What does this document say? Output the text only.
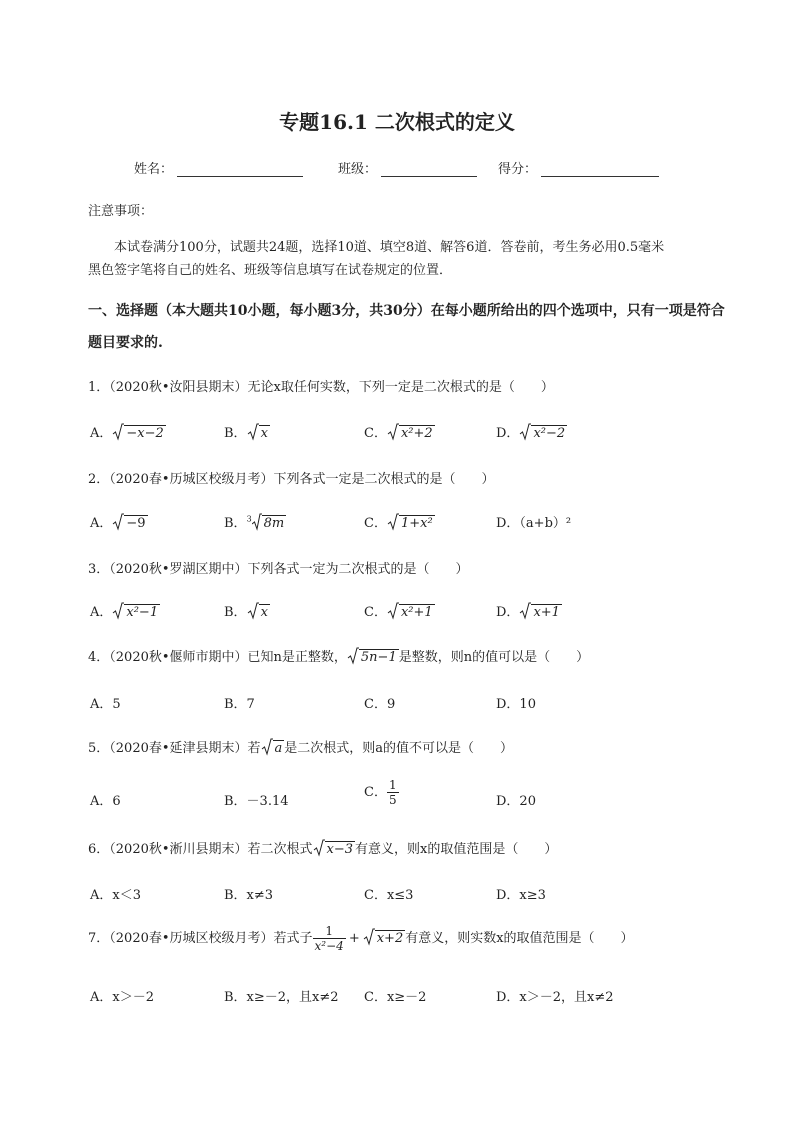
专题16.1 二次根式的定义
姓名：	班级：	得分：
注意事项：
本试卷满分100分，试题共24题，选择10道、填空8道、解答6道．答卷前，考生务必用0.5毫米
黑色签字笔将自己的姓名、班级等信息填写在试卷规定的位置．
一、选择题（本大题共10小题，每小题3分，共30分）在每小题所给出的四个选项中，只有一项是符合
题目要求的.
1．（2020秋•汝阳县期末）无论x取任何实数，下列一定是二次根式的是（　　）
A． −x−2	B． x	C． x²+2	D． x²−2
2．（2020春•历城区校级月考）下列各式一定是二次根式的是（　　）
A． −9	B．$^3$ 8m	C． 1+x²	D．（a+b）²
3．（2020秋•罗湖区期中）下列各式一定为二次根式的是（　　）
A． x²−1	B． x	C． x²+1	D． x+1
4．（2020秋•偃师市期中）已知n是正整数， 5n−1 是整数，则n的值可以是（　　）
A．5	B．7	C．9	D．10
5．（2020春•延津县期末）若 a 是二次根式，则a的值不可以是（　　）
A．6	B．－3.14
C． $\frac{1}{5}$	D．20
6．（2020秋•淅川县期末）若二次根式 x−3 有意义，则x的取值范围是（　　）
A．x＜3	B．x≠3	C．x≤3	D．x≥3
7．（2020春•历城区校级月考）若式子 $\frac{1}{\text{x²−4}} + x+2$ 有意义，则实数x的取值范围是（　　）
A．x＞－2	B．x≥－2，且x≠2 C．x≥－2	D．x＞－2，且x≠2
